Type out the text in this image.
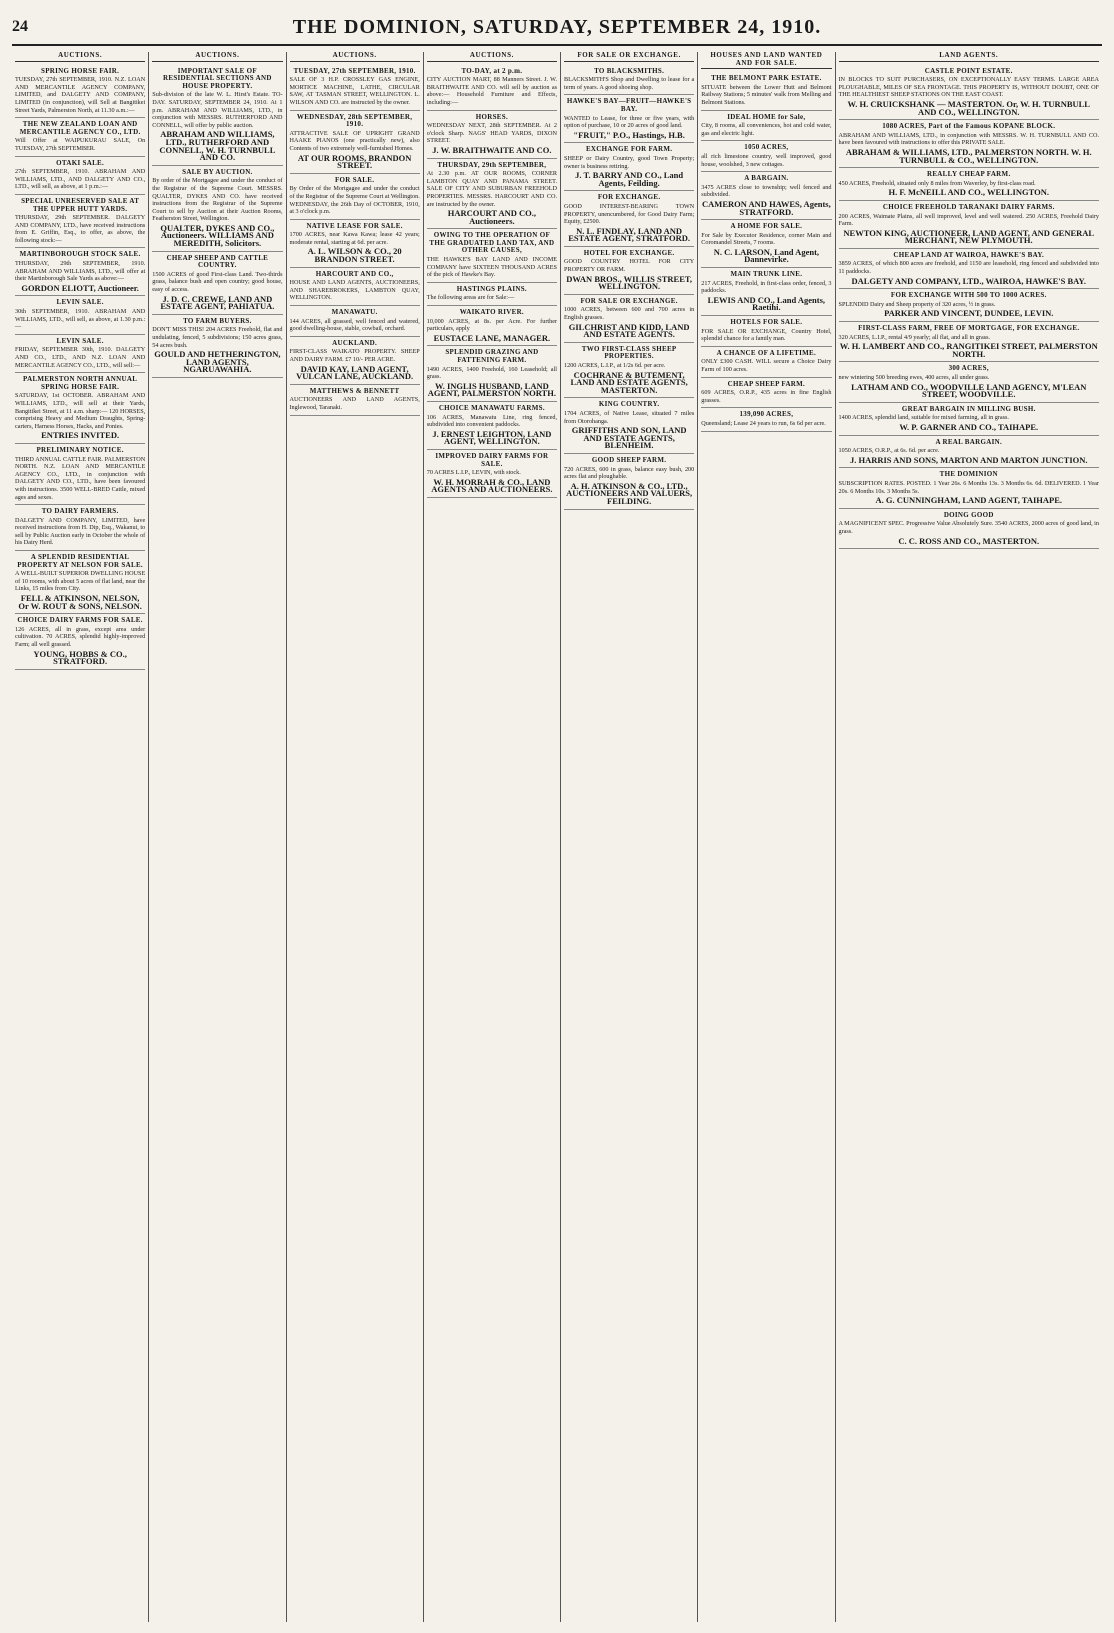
24	THE DOMINION, SATURDAY, SEPTEMBER 24, 1910.
AUCTIONS.
SPRING HORSE FAIR.

TUESDAY, 27th SEPTEMBER, 1910. N.Z. LOAN AND MERCANTILE AGENCY COMPANY, LIMITED, and DALGETY AND COMPANY, LIMITED (in conjunction), will Sell at Bangitikei Street Yards, Palmerston North, at 11.30 a.m.:—

THE NEW ZEALAND LOAN AND MERCANTILE AGENCY CO., LTD.

Will Offer at WAIPUKURAU SALE, On TUESDAY, 27th SEPTEMBER.

OTAKI SALE.

27th SEPTEMBER, 1910. ABRAHAM AND WILLIAMS, LTD., AND DALGETY AND CO., LTD., will sell, as above, at 1 p.m.:—

SPECIAL UNRESERVED SALE AT THE UPPER HUTT YARDS.

THURSDAY, 29th SEPTEMBER. DALGETY AND COMPANY, LTD., have received instructions from E. Griffin, Esq., to offer, as above, the following stock:—

MARTINBOROUGH STOCK SALE.

THURSDAY, 29th SEPTEMBER, 1910. ABRAHAM AND WILLIAMS, LTD., will offer at their Martinborough Sale Yards as above:—

GORDON ELIOTT, Auctioneer.
LEVIN SALE.

30th SEPTEMBER, 1910. ABRAHAM AND WILLIAMS, LTD., will sell, as above, at 1.30 p.m.:—

LEVIN SALE.

FRIDAY, SEPTEMBER 30th, 1910. DALGETY AND CO., LTD., AND N.Z. LOAN AND MERCANTILE AGENCY CO., LTD., will sell:—

PALMERSTON NORTH ANNUAL SPRING HORSE FAIR.

SATURDAY, 1st OCTOBER. ABRAHAM AND WILLIAMS, LTD., will sell at their Yards, Bangitikei Street, at 11 a.m. sharp:— 120 HORSES, comprising Heavy and Medium Draughts, Spring-carters, Harness Horses, Hacks, and Ponies.

ENTRIES INVITED.
PRELIMINARY NOTICE.

THIRD ANNUAL CATTLE FAIR. PALMERSTON NORTH. N.Z. LOAN AND MERCANTILE AGENCY CO., LTD., in conjunction with DALGETY AND CO., LTD., have been favoured with instructions. 3500 WELL-BRED Cattle, mixed ages and sexes.

TO DAIRY FARMERS.

DALGETY AND COMPANY, LIMITED, have received instructions from H. Dip, Esq., Wakanui, to sell by Public Auction early in October the whole of his Dairy Herd.

A SPLENDID RESIDENTIAL PROPERTY AT NELSON FOR SALE.

A WELL-BUILT SUPERIOR DWELLING HOUSE of 10 rooms, with about 5 acres of flat land, near the Links, 15 miles from City.

FELL & ATKINSON, NELSON, Or W. ROUT & SONS, NELSON.
CHOICE DAIRY FARMS FOR SALE.

126 ACRES, all in grass, except area under cultivation. 70 ACRES, splendid highly-improved Farm; all well grassed.

YOUNG, HOBBS & CO., STRATFORD.
AUCTIONS.
IMPORTANT SALE OF RESIDENTIAL SECTIONS AND HOUSE PROPERTY.

Sub-division of the late W. L. Hirst's Estate. TO-DAY. SATURDAY, SEPTEMBER 24, 1910. At 1 p.m. ABRAHAM AND WILLIAMS, LTD., in conjunction with MESSRS. RUTHERFORD AND CONNELL, will offer by public auction.

ABRAHAM AND WILLIAMS, LTD., RUTHERFORD AND CONNELL, W. H. TURNBULL AND CO.
SALE BY AUCTION.

By order of the Mortgagee and under the conduct of the Registrar of the Supreme Court. MESSRS. QUALTER, DYKES AND CO. have received instructions from the Registrar of the Supreme Court to sell by Auction at their Auction Rooms, Featherston Street, Wellington.

QUALTER, DYKES AND CO., Auctioneers. WILLIAMS AND MEREDITH, Solicitors.
CHEAP SHEEP AND CATTLE COUNTRY.

1500 ACRES of good First-class Land. Two-thirds grass, balance bush and open country; good house, easy of access.

J. D. C. CREWE, LAND AND ESTATE AGENT, PAHIATUA.
TO FARM BUYERS.

DON'T MISS THIS! 204 ACRES Freehold, flat and undulating, fenced, 5 subdivisions; 150 acres grass, 54 acres bush.

GOULD AND HETHERINGTON, LAND AGENTS, NGARUAWAHIA.
AUCTIONS.
TUESDAY, 27th SEPTEMBER, 1910.

SALE OF 3 H.P. CROSSLEY GAS ENGINE, MORTICE MACHINE, LATHE, CIRCULAR SAW, AT TASMAN STREET, WELLINGTON. L. WILSON AND CO. are instructed by the owner.

WEDNESDAY, 28th SEPTEMBER, 1910.

ATTRACTIVE SALE OF UPRIGHT GRAND HAAKE PIANOS (one practically new), also Contents of two extremely well-furnished Homes.

AT OUR ROOMS, BRANDON STREET.
FOR SALE.

By Order of the Mortgagee and under the conduct of the Registrar of the Supreme Court at Wellington. WEDNESDAY, the 26th Day of OCTOBER, 1910, at 3 o'clock p.m.

NATIVE LEASE FOR SALE.

1700 ACRES, near Kawa Kawa; lease 42 years; moderate rental, starting at 6d. per acre.

A. L. WILSON & CO., 20 BRANDON STREET.
HARCOURT AND CO.,

HOUSE AND LAND AGENTS, AUCTIONEERS, AND SHAREBROKERS, LAMBTON QUAY, WELLINGTON.

MANAWATU.

144 ACRES, all grassed, well fenced and watered, good dwelling-house, stable, cowbail, orchard.

AUCKLAND.

FIRST-CLASS WAIKATO PROPERTY. SHEEP AND DAIRY FARM. £7 10/- PER ACRE.

DAVID KAY, LAND AGENT, VULCAN LANE, AUCKLAND.
MATTHEWS & BENNETT

AUCTIONEERS AND LAND AGENTS, Inglewood, Taranaki.

AUCTIONS.
TO-DAY, at 2 p.m.

CITY AUCTION MART, 88 Manners Street. J. W. BRAITHWAITE AND CO. will sell by auction as above:— Household Furniture and Effects, including:—

HORSES.

WEDNESDAY NEXT, 28th SEPTEMBER. At 2 o'clock Sharp. NAGS' HEAD YARDS, DIXON STREET.

J. W. BRAITHWAITE AND CO.
THURSDAY, 29th SEPTEMBER,

At 2.30 p.m. AT OUR ROOMS, CORNER LAMBTON QUAY AND PANAMA STREET. SALE OF CITY AND SUBURBAN FREEHOLD PROPERTIES. MESSRS. HARCOURT AND CO. are instructed by the owner.

HARCOURT AND CO., Auctioneers.
OWING TO THE OPERATION OF THE GRADUATED LAND TAX, AND OTHER CAUSES,

THE HAWKE'S BAY LAND AND INCOME COMPANY have SIXTEEN THOUSAND ACRES of the pick of Hawke's Bay.

HASTINGS PLAINS.

The following areas are for Sale:—

WAIKATO RIVER.

10,000 ACRES, at 8s. per Acre. For further particulars, apply

EUSTACE LANE, MANAGER.
SPLENDID GRAZING AND FATTENING FARM.

1490 ACRES, 1400 Freehold, 160 Leasehold; all grass.

W. INGLIS HUSBAND, LAND AGENT, PALMERSTON NORTH.
CHOICE MANAWATU FARMS.

106 ACRES, Manawatu Line, ring fenced, subdivided into convenient paddocks.

J. ERNEST LEIGHTON, LAND AGENT, WELLINGTON.
IMPROVED DAIRY FARMS FOR SALE.

70 ACRES L.I.P., LEVIN, with stock.

W. H. MORRAH & CO., LAND AGENTS AND AUCTIONEERS.
FOR SALE OR EXCHANGE.
TO BLACKSMITHS.

BLACKSMITH'S Shop and Dwelling to lease for a term of years. A good shoeing shop.

HAWKE'S BAY—FRUIT—HAWKE'S BAY.

WANTED to Lease, for three or five years, with option of purchase, 10 or 20 acres of good land.

"FRUIT," P.O., Hastings, H.B.
EXCHANGE FOR FARM.

SHEEP or Dairy Country, good Town Property; owner is business retiring.

J. T. BARRY AND CO., Land Agents, Feilding.
FOR EXCHANGE.

GOOD INTEREST-BEARING TOWN PROPERTY, unencumbered, for Good Dairy Farm; Equity, £2500.

N. L. FINDLAY, LAND AND ESTATE AGENT, STRATFORD.
HOTEL FOR EXCHANGE.

GOOD COUNTRY HOTEL FOR CITY PROPERTY OR FARM.

DWAN BROS., WILLIS STREET, WELLINGTON.
FOR SALE OR EXCHANGE.

1000 ACRES, between 600 and 700 acres in English grasses.

GILCHRIST AND KIDD, LAND AND ESTATE AGENTS.
TWO FIRST-CLASS SHEEP PROPERTIES.

1200 ACRES, L.I.P., at 1/2s 6d. per acre.

COCHRANE & BUTEMENT, LAND AND ESTATE AGENTS, MASTERTON.
KING COUNTRY.

1704 ACRES, of Native Lease, situated 7 miles from Otorohanga.

GRIFFITHS AND SON, LAND AND ESTATE AGENTS, BLENHEIM.
GOOD SHEEP FARM.

720 ACRES, 600 in grass, balance easy bush, 200 acres flat and ploughable.

A. H. ATKINSON & CO., LTD., AUCTIONEERS AND VALUERS, FEILDING.
HOUSES AND LAND WANTED AND FOR SALE.
THE BELMONT PARK ESTATE.

SITUATE between the Lower Hutt and Belmont Railway Stations; 5 minutes' walk from Melling and Belmont Stations.

IDEAL HOME for Sale,

City, 8 rooms, all conveniences, hot and cold water, gas and electric light.

1050 ACRES,

all rich limestone country, well improved, good house, woolshed, 3 new cottages.

A BARGAIN.

3475 ACRES close to township; well fenced and subdivided.

CAMERON AND HAWES, Agents, STRATFORD.
A HOME FOR SALE.

For Sale by Executor Residence, corner Main and Coromandel Streets, 7 rooms.

N. C. LARSON, Land Agent, Dannevirke.
MAIN TRUNK LINE.

217 ACRES, Freehold, in first-class order, fenced, 3 paddocks.

LEWIS AND CO., Land Agents, Raetihi.
HOTELS FOR SALE.

FOR SALE OR EXCHANGE, Country Hotel, splendid chance for a family man.

A CHANCE OF A LIFETIME.

ONLY £300 CASH. WILL secure a Choice Dairy Farm of 100 acres.

CHEAP SHEEP FARM.

609 ACRES, O.R.P., 435 acres in fine English grasses.

139,090 ACRES,

Queensland; Lease 24 years to run, 6s 6d per acre.

LAND AGENTS.
CASTLE POINT ESTATE.

IN BLOCKS TO SUIT PURCHASERS, ON EXCEPTIONALLY EASY TERMS. LARGE AREA PLOUGHABLE, MILES OF SEA FRONTAGE. THIS PROPERTY IS, WITHOUT DOUBT, ONE OF THE HEALTHIEST SHEEP STATIONS ON THE EAST COAST.

W. H. CRUICKSHANK — MASTERTON. Or, W. H. TURNBULL AND CO., WELLINGTON.
1080 ACRES, Part of the Famous KOPANE BLOCK.

ABRAHAM AND WILLIAMS, LTD., in conjunction with MESSRS. W. H. TURNBULL AND CO. have been favoured with instructions to offer this PRIVATE SALE.

ABRAHAM & WILLIAMS, LTD., PALMERSTON NORTH. W. H. TURNBULL & CO., WELLINGTON.
REALLY CHEAP FARM.

450 ACRES, Freehold, situated only 8 miles from Waverley, by first-class road.

H. F. McNEILL AND CO., WELLINGTON.
CHOICE FREEHOLD TARANAKI DAIRY FARMS.

200 ACRES, Waimate Plains, all well improved, level and well watered. 250 ACRES, Freehold Dairy Farm.

NEWTON KING, AUCTIONEER, LAND AGENT, AND GENERAL MERCHANT, NEW PLYMOUTH.
CHEAP LAND AT WAIROA, HAWKE'S BAY.

3859 ACRES, of which 800 acres are freehold, and 1150 are leasehold, ring fenced and subdivided into 11 paddocks.

DALGETY AND COMPANY, LTD., WAIROA, HAWKE'S BAY.
FOR EXCHANGE WITH 500 TO 1000 ACRES.

SPLENDID Dairy and Sheep property of 320 acres, ½ in grass.

PARKER AND VINCENT, DUNDEE, LEVIN.
FIRST-CLASS FARM, FREE OF MORTGAGE, FOR EXCHANGE.

320 ACRES, L.I.P., rental 4/9 yearly; all flat, and all in grass.

W. H. LAMBERT AND CO., RANGITIKEI STREET, PALMERSTON NORTH.
300 ACRES,

new wintering 500 breeding ewes, 400 acres, all under grass.

LATHAM AND CO., WOODVILLE LAND AGENCY, M'LEAN STREET, WOODVILLE.
GREAT BARGAIN IN MILLING BUSH.

1400 ACRES, splendid land, suitable for mixed farming, all in grass.

W. P. GARNER AND CO., TAIHAPE.
A REAL BARGAIN.

1050 ACRES, O.R.P., at 6s. 6d. per acre.

J. HARRIS AND SONS, MARTON AND MARTON JUNCTION.
THE DOMINION

SUBSCRIPTION RATES. POSTED. 1 Year 26s. 6 Months 13s. 3 Months 6s. 6d. DELIVERED. 1 Year 20s. 6 Months 10s. 3 Months 5s.

A. G. CUNNINGHAM, LAND AGENT, TAIHAPE.
DOING GOOD

A MAGNIFICENT SPEC. Progressive Value Absolutely Sure. 3540 ACRES, 2000 acres of good land, in grass.

C. C. ROSS AND CO., MASTERTON.
